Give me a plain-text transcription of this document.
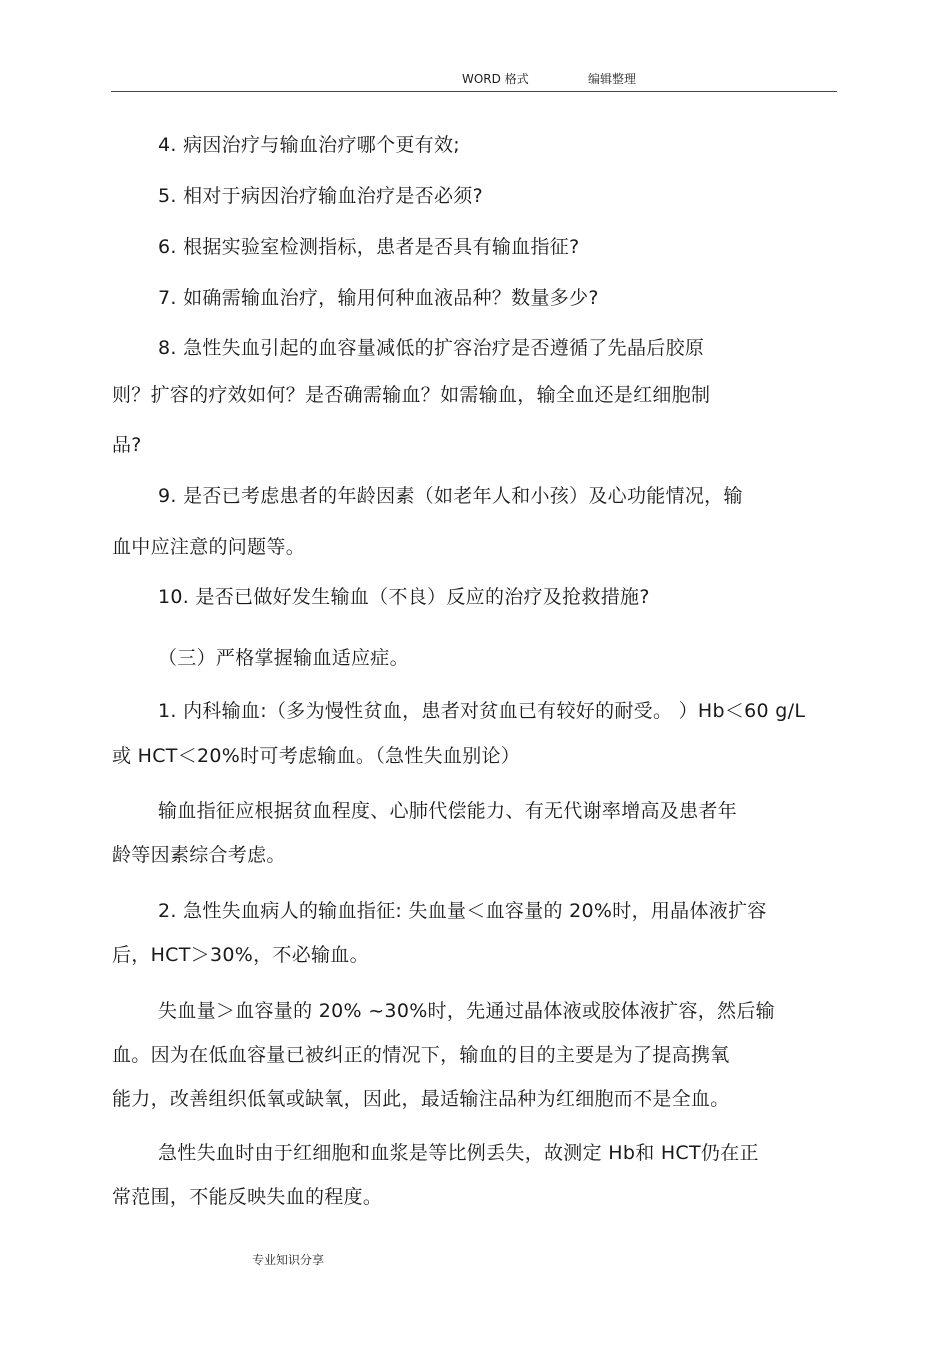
WORD 格式	编辑整理
4. 病因治疗与输血治疗哪个更有效;
5. 相对于病因治疗输血治疗是否必须?
6. 根据实验室检测指标，患者是否具有输血指征?
7. 如确需输血治疗，输用何种血液品种？数量多少?
8. 急性失血引起的血容量减低的扩容治疗是否遵循了先晶后胶原
则？扩容的疗效如何？是否确需输血？如需输血，输全血还是红细胞制
品?
9. 是否已考虑患者的年龄因素（如老年人和小孩）及心功能情况，输
血中应注意的问题等。
10. 是否已做好发生输血（不良）反应的治疗及抢救措施?
（三）严格掌握输血适应症。
1. 内科输血:（多为慢性贫血，患者对贫血已有较好的耐受。 ）Hb＜60 g/L
或 HCT＜20%时可考虑输血。（急性失血别论）
输血指征应根据贫血程度、心肺代偿能力、有无代谢率增高及患者年
龄等因素综合考虑。
2. 急性失血病人的输血指征: 失血量＜血容量的 20%时，用晶体液扩容
后，HCT＞30%，不必输血。
失血量＞血容量的 20% ~30%时，先通过晶体液或胶体液扩容，然后输
血。因为在低血容量已被纠正的情况下，输血的目的主要是为了提高携氧
能力，改善组织低氧或缺氧，因此，最适输注品种为红细胞而不是全血。
急性失血时由于红细胞和血浆是等比例丢失，故测定 Hb和 HCT仍在正
常范围，不能反映失血的程度。
专业知识分享
